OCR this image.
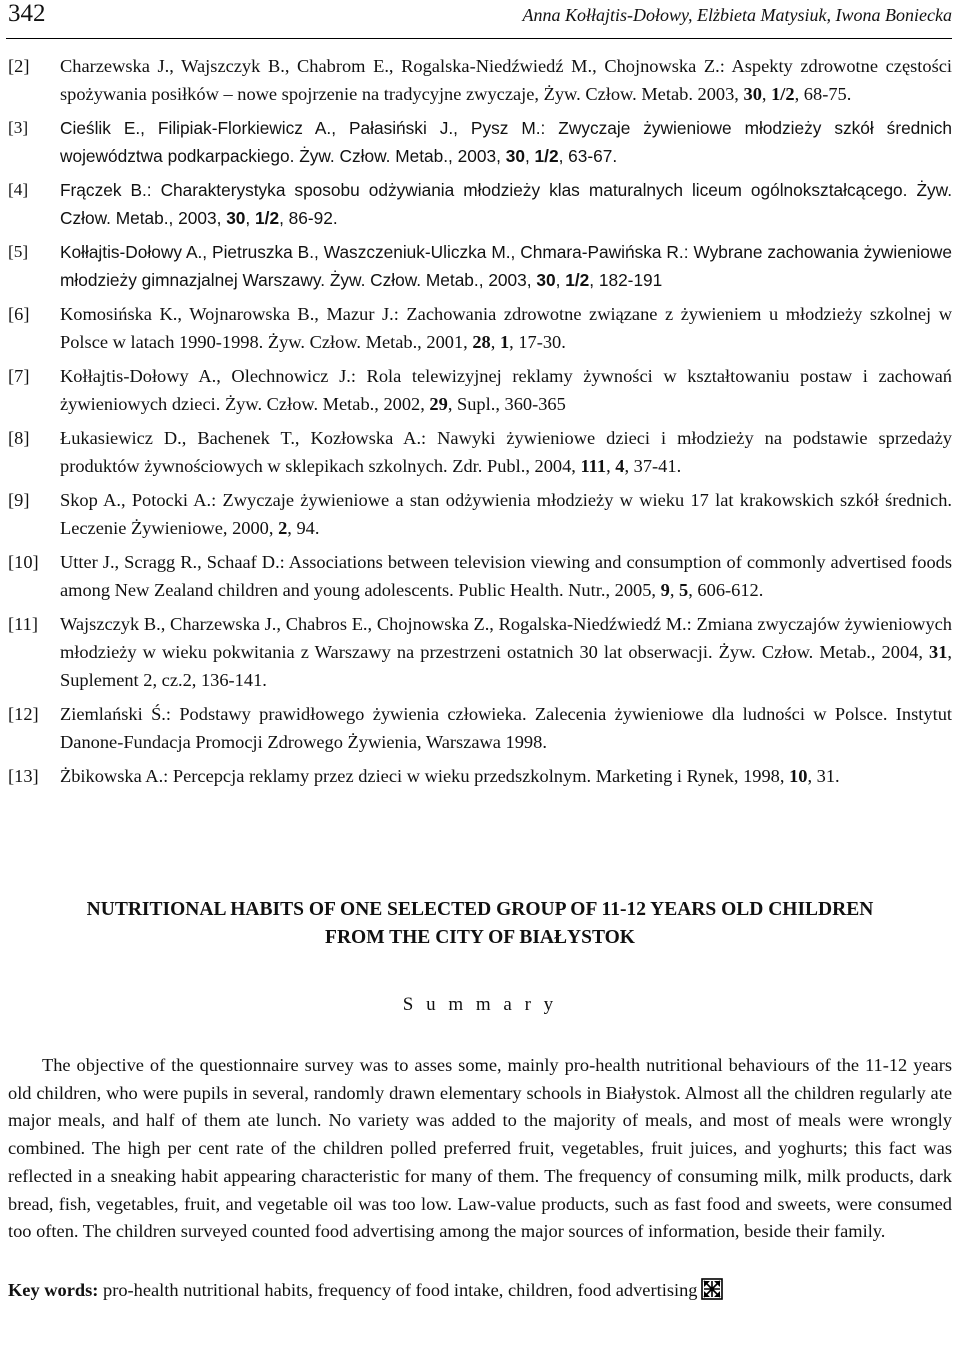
342	Anna Kołłajtis-Dołowy, Elżbieta Matysiuk, Iwona Boniecka
[2] Charzewska J., Wajszczyk B., Chabrom E., Rogalska-Niedźwiedź M., Chojnowska Z.: Aspekty zdrowotne częstości spożywania posiłków – nowe spojrzenie na tradycyjne zwyczaje, Żyw. Człow. Metab. 2003, 30, 1/2, 68-75.
[3] Cieślik E., Filipiak-Florkiewicz A., Pałasiński J., Pysz M.: Zwyczaje żywieniowe młodzieży szkół średnich województwa podkarpackiego. Żyw. Człow. Metab., 2003, 30, 1/2, 63-67.
[4] Frączek B.: Charakterystyka sposobu odżywiania młodzieży klas maturalnych liceum ogólnokształcącego. Żyw. Człow. Metab., 2003, 30, 1/2, 86-92.
[5] Kołłajtis-Dołowy A., Pietruszka B., Waszczeniuk-Uliczka M., Chmara-Pawińska R.: Wybrane zachowania żywieniowe młodzieży gimnazjalnej Warszawy. Żyw. Człow. Metab., 2003, 30, 1/2, 182-191
[6] Komosińska K., Wojnarowska B., Mazur J.: Zachowania zdrowotne związane z żywieniem u młodzieży szkolnej w Polsce w latach 1990-1998. Żyw. Człow. Metab., 2001, 28, 1, 17-30.
[7] Kołłajtis-Dołowy A., Olechnowicz J.: Rola telewizyjnej reklamy żywności w kształtowaniu postaw i zachowań żywieniowych dzieci. Żyw. Człow. Metab., 2002, 29, Supl., 360-365
[8] Łukasiewicz D., Bachenek T., Kozłowska A.: Nawyki żywieniowe dzieci i młodzieży na podstawie sprzedaży produktów żywnościowych w sklepikach szkolnych. Zdr. Publ., 2004, 111, 4, 37-41.
[9] Skop A., Potocki A.: Zwyczaje żywieniowe a stan odżywienia młodzieży w wieku 17 lat krakowskich szkół średnich. Leczenie Żywieniowe, 2000, 2, 94.
[10] Utter J., Scragg R., Schaaf D.: Associations between television viewing and consumption of commonly advertised foods among New Zealand children and young adolescents. Public Health. Nutr., 2005, 9, 5, 606-612.
[11] Wajszczyk B., Charzewska J., Chabros E., Chojnowska Z., Rogalska-Niedźwiedź M.: Zmiana zwyczajów żywieniowych młodzieży w wieku pokwitania z Warszawy na przestrzeni ostatnich 30 lat obserwacji. Żyw. Człow. Metab., 2004, 31, Suplement 2, cz.2, 136-141.
[12] Ziemlański Ś.: Podstawy prawidłowego żywienia człowieka. Zalecenia żywieniowe dla ludności w Polsce. Instytut Danone-Fundacja Promocji Zdrowego Żywienia, Warszawa 1998.
[13] Żbikowska A.: Percepcja reklamy przez dzieci w wieku przedszkolnym. Marketing i Rynek, 1998, 10, 31.
NUTRITIONAL HABITS OF ONE SELECTED GROUP OF 11-12 YEARS OLD CHILDREN
FROM THE CITY OF BIAŁYSTOK
S u m m a r y
The objective of the questionnaire survey was to asses some, mainly pro-health nutritional behaviours of the 11-12 years old children, who were pupils in several, randomly drawn elementary schools in Białystok. Almost all the children regularly ate major meals, and half of them ate lunch. No variety was added to the majority of meals, and most of meals were wrongly combined. The high per cent rate of the children polled preferred fruit, vegetables, fruit juices, and yoghurts; this fact was reflected in a sneaking habit appearing characteristic for many of them. The frequency of consuming milk, milk products, dark bread, fish, vegetables, fruit, and vegetable oil was too low. Law-value products, such as fast food and sweets, were consumed too often. The children surveyed counted food advertising among the major sources of information, beside their family.
Key words: pro-health nutritional habits, frequency of food intake, children, food advertising
